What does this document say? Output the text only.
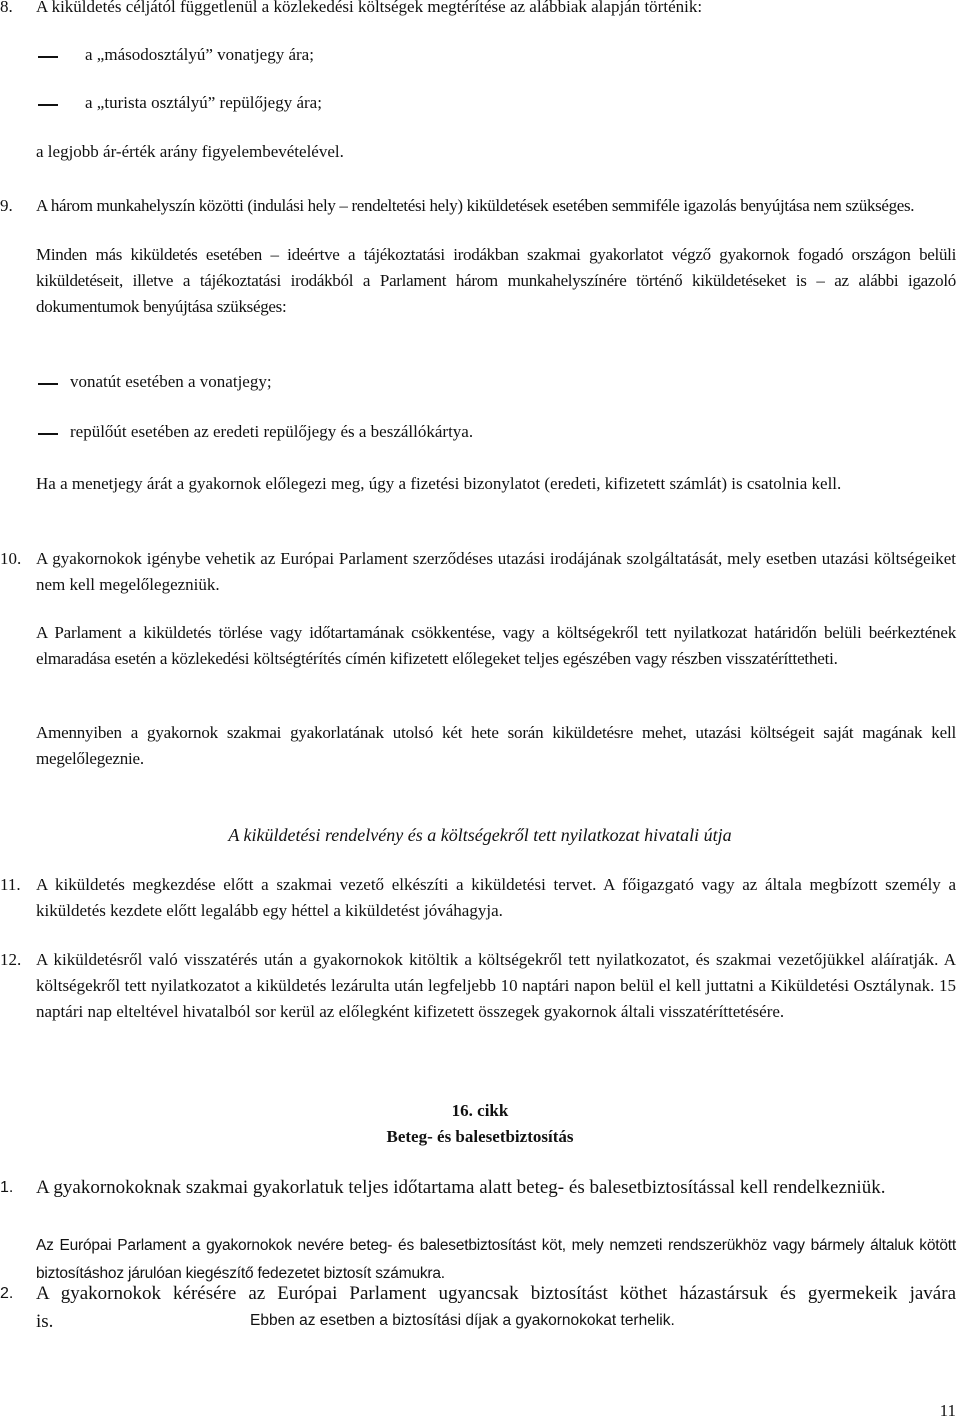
8. A kiküldetés céljától függetlenül a közlekedési költségek megtérítése az alábbiak alapján történik:
a „másodosztályú” vonatjegy ára;
a „turista osztályú” repülőjegy ára;
a legjobb ár-érték arány figyelembevételével.
9. A három munkahelyszín közötti (indulási hely – rendeltetési hely) kiküldetések esetében semmiféle igazolás benyújtása nem szükséges.
Minden más kiküldetés esetében – ideértve a tájékoztatási irodákban szakmai gyakorlatot végző gyakornok fogadó országon belüli kiküldetéseit, illetve a tájékoztatási irodákból a Parlament három munkahelyszínére történő kiküldetéseket is – az alábbi igazoló dokumentumok benyújtása szükséges:
vonatút esetében a vonatjegy;
repülőút esetében az eredeti repülőjegy és a beszállókártya.
Ha a menetjegy árát a gyakornok előlegezi meg, úgy a fizetési bizonylatot (eredeti, kifizetett számlát) is csatolnia kell.
10. A gyakornokok igénybe vehetik az Európai Parlament szerződéses utazási irodájának szolgáltatását, mely esetben utazási költségeiket nem kell megelőlegezniük.
A Parlament a kiküldetés törlése vagy időtartamának csökkentése, vagy a költségekről tett nyilatkozat határidőn belüli beérkeztének elmaradása esetén a közlekedési költségtérítés címén kifizetett előlegeket teljes egészében vagy részben visszatéríttetheti.
Amennyiben a gyakornok szakmai gyakorlatának utolsó két hete során kiküldetésre mehet, utazási költségeit saját magának kell megelőlegeznie.
A kiküldetési rendelvény és a költségekről tett nyilatkozat hivatali útja
11. A kiküldetés megkezdése előtt a szakmai vezető elkészíti a kiküldetési tervet. A főigazgató vagy az általa megbízott személy a kiküldetés kezdete előtt legalább egy héttel a kiküldetést jóváhagyja.
12. A kiküldetésről való visszatérés után a gyakornokok kitöltik a költségekről tett nyilatkozatot, és szakmai vezetőjükkel aláíratják. A költségekről tett nyilatkozatot a kiküldetés lezárulta után legfeljebb 10 naptári napon belül el kell juttatni a Kiküldetési Osztálynak. 15 naptári nap elteltével hivatalból sor kerül az előlegként kifizetett összegek gyakornok általi visszatéríttetésére.
16. cikk
Beteg- és balesetbiztosítás
1. A gyakornokoknak szakmai gyakorlatuk teljes időtartama alatt beteg- és balesetbiztosítással kell rendelkezniük.
Az Európai Parlament a gyakornokok nevére beteg- és balesetbiztosítást köt, mely nemzeti rendszerükhöz vagy bármely általuk kötött biztosításhoz járulóan kiegészítő fedezetet biztosít számukra.
2. A gyakornokok kérésére az Európai Parlament ugyancsak biztosítást köthet házastársuk és gyermekeik javára is.	Ebben az esetben a biztosítási díjak a gyakornokokat terhelik.
11
